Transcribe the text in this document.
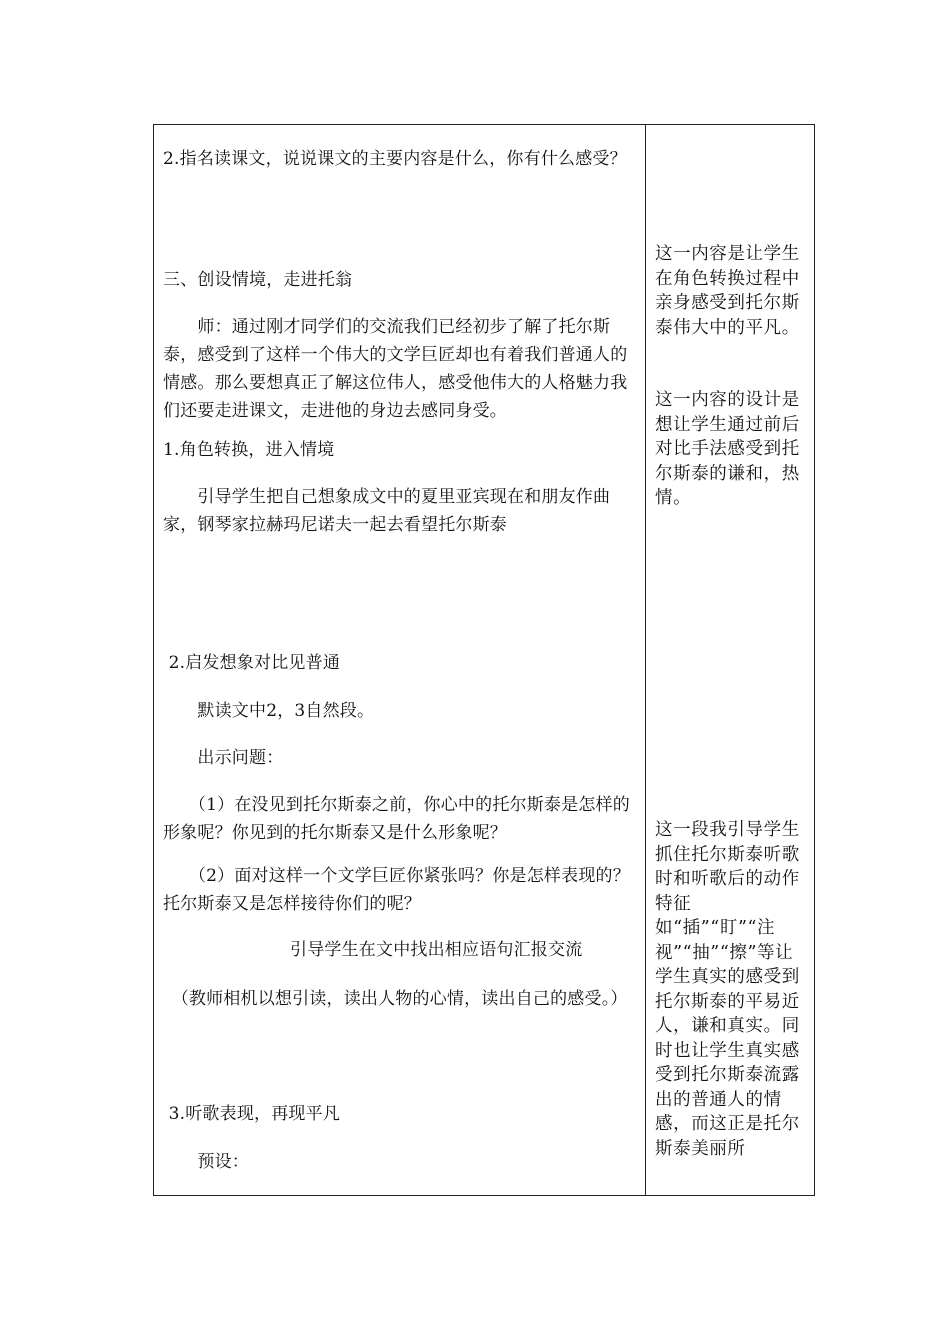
2.指名读课文，说说课文的主要内容是什么，你有什么感受？
三、创设情境，走进托翁
　　师：通过刚才同学们的交流我们已经初步了解了托尔斯泰，感受到了这样一个伟大的文学巨匠却也有着我们普通人的情感。那么要想真正了解这位伟人，感受他伟大的人格魅力我们还要走进课文，走进他的身边去感同身受。
1.角色转换，进入情境
　　引导学生把自己想象成文中的夏里亚宾现在和朋友作曲家，钢琴家拉赫玛尼诺夫一起去看望托尔斯泰
2.启发想象对比见普通
　　默读文中2，3自然段。
　　出示问题：
　　（1）在没见到托尔斯泰之前，你心中的托尔斯泰是怎样的形象呢？你见到的托尔斯泰又是什么形象呢？
　　（2）面对这样一个文学巨匠你紧张吗？你是怎样表现的？托尔斯泰又是怎样接待你们的呢？
引导学生在文中找出相应语句汇报交流
　（教师相机以想引读，读出人物的心情，读出自己的感受。）
3.听歌表现，再现平凡
　　预设：
这一内容是让学生在角色转换过程中亲身感受到托尔斯泰伟大中的平凡。
这一内容的设计是想让学生通过前后对比手法感受到托尔斯泰的谦和，热情。
这一段我引导学生抓住托尔斯泰听歌时和听歌后的动作特征如“插”“盯”“注视”“抽”“擦”等让学生真实的感受到托尔斯泰的平易近人，谦和真实。同时也让学生真实感受到托尔斯泰流露出的普通人的情感，而这正是托尔斯泰美丽所
